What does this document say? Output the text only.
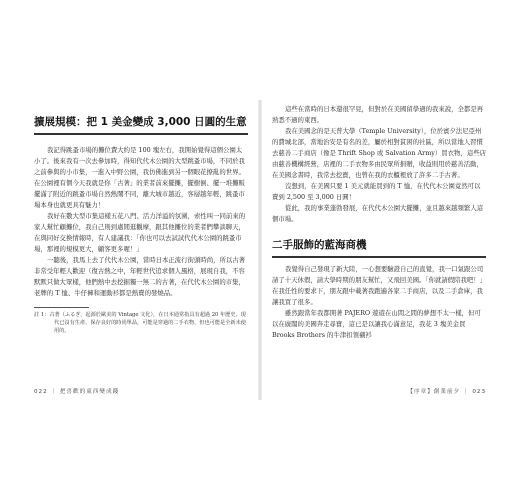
擴展規模：把 1 美金變成 3,000 日圓的生意

我記得跳蚤市場的攤位費大約是 100 塊左右，我開始覺得這個公園太小了。後來我有一次去參加時，得知代代木公園的大型跳蚤市場，不同於我之前參與的小市集，一進入中野公園，我仿佛進到另一個眼花撩亂的世界。在公園裡有個今天我就是你「古著」的業者前來擺攤，擺樹倒、擺一堆攤販擺滿了附近的跳蚤市場自然熱鬧不同，離大城市越近，客層越年輕，跳蚤市場本身也就更具有魅力！

我好在數大型市集這樣五花八門、活力洋溢的氛圍，索性叫一同前來的家人幫忙顧攤位，我自己則到處閒逛觀摩，跟其他攤位的業者們攀談聊天，在與同好交換情報時，有人建議我：「你也可以去試試代代木公園的跳蚤市場，那裡的規模更大，顧客更多喔！」

一聽後，我馬上去了代代木公園，當時日本正流行街頭時尚，所以古著非常受年輕人歡迎（復古熱之中，年輕世代追求個人風格，展現自我，不容默默只做大眾樣，他們熱中去挖掘獨一無二的古著，在代代木公園的市集，老牌的 T 恤、牛仔褲和運動衫都是熱賣的發燒品。

註 1：古著（ふるぎ，起源於歐美的 Vintage 文化），在日本通常指具有超過 20 年歷史、現代已沒有生產、保存良好的時尚單品，可能是穿過的二手衣物，但也可能是全新未使用的。

這些在當時的日本還很罕見，但對於在美國留學過的我來說，全都是再熟悉不過的東西。

我在美國念的是天普大學（Temple University），位於賓夕法尼亞州的費城北部，當地治安是有名的差，屬於相對貧困的社區，所以當地人習慣去慈善二手商店（像是 Thrift Shop 或 Salvation Army）買衣物，這些店由慈善機構經營，店裡的二手衣物多由民眾所捐贈，收益則用於慈善活動，在美國念書時，我常去挖寶，也曾在我的衣櫃裡放了許多二手古著。

沒想到，在美國只要 1 美元就能買到的 T 恤，在代代木公園竟然可以賣到 2,500 至 3,000 日圓！

從此，我的事業蓬勃發展，在代代木公園大擺攤，並且越來越頻繁人這個市場。

二手服飾的藍海商機

我覺得自己發現了新大陸，一心想要驗證自己的直覺，我一口氣跟公司請了十天休假，請大學時期的朋友幫忙，又飛回美國。「你就請假陪我吧！」在我任性的要求下，朋友跟中載著我跑遍各家二手商店，以及二手倉庫，我讓我買了很多。

雖然跟當年我都開著 PAJERO 遊遊在山間之間的夢想不太一樣，但可以在廣闊的美國奔走尋寶，這已是以讓我心滿意足，我花 3 塊美金買 Brooks Brothers 的牛津扣領襯衫

022 ｜ 把喜歡的東西變成錢	【序章】創業前夕 ｜ 023
